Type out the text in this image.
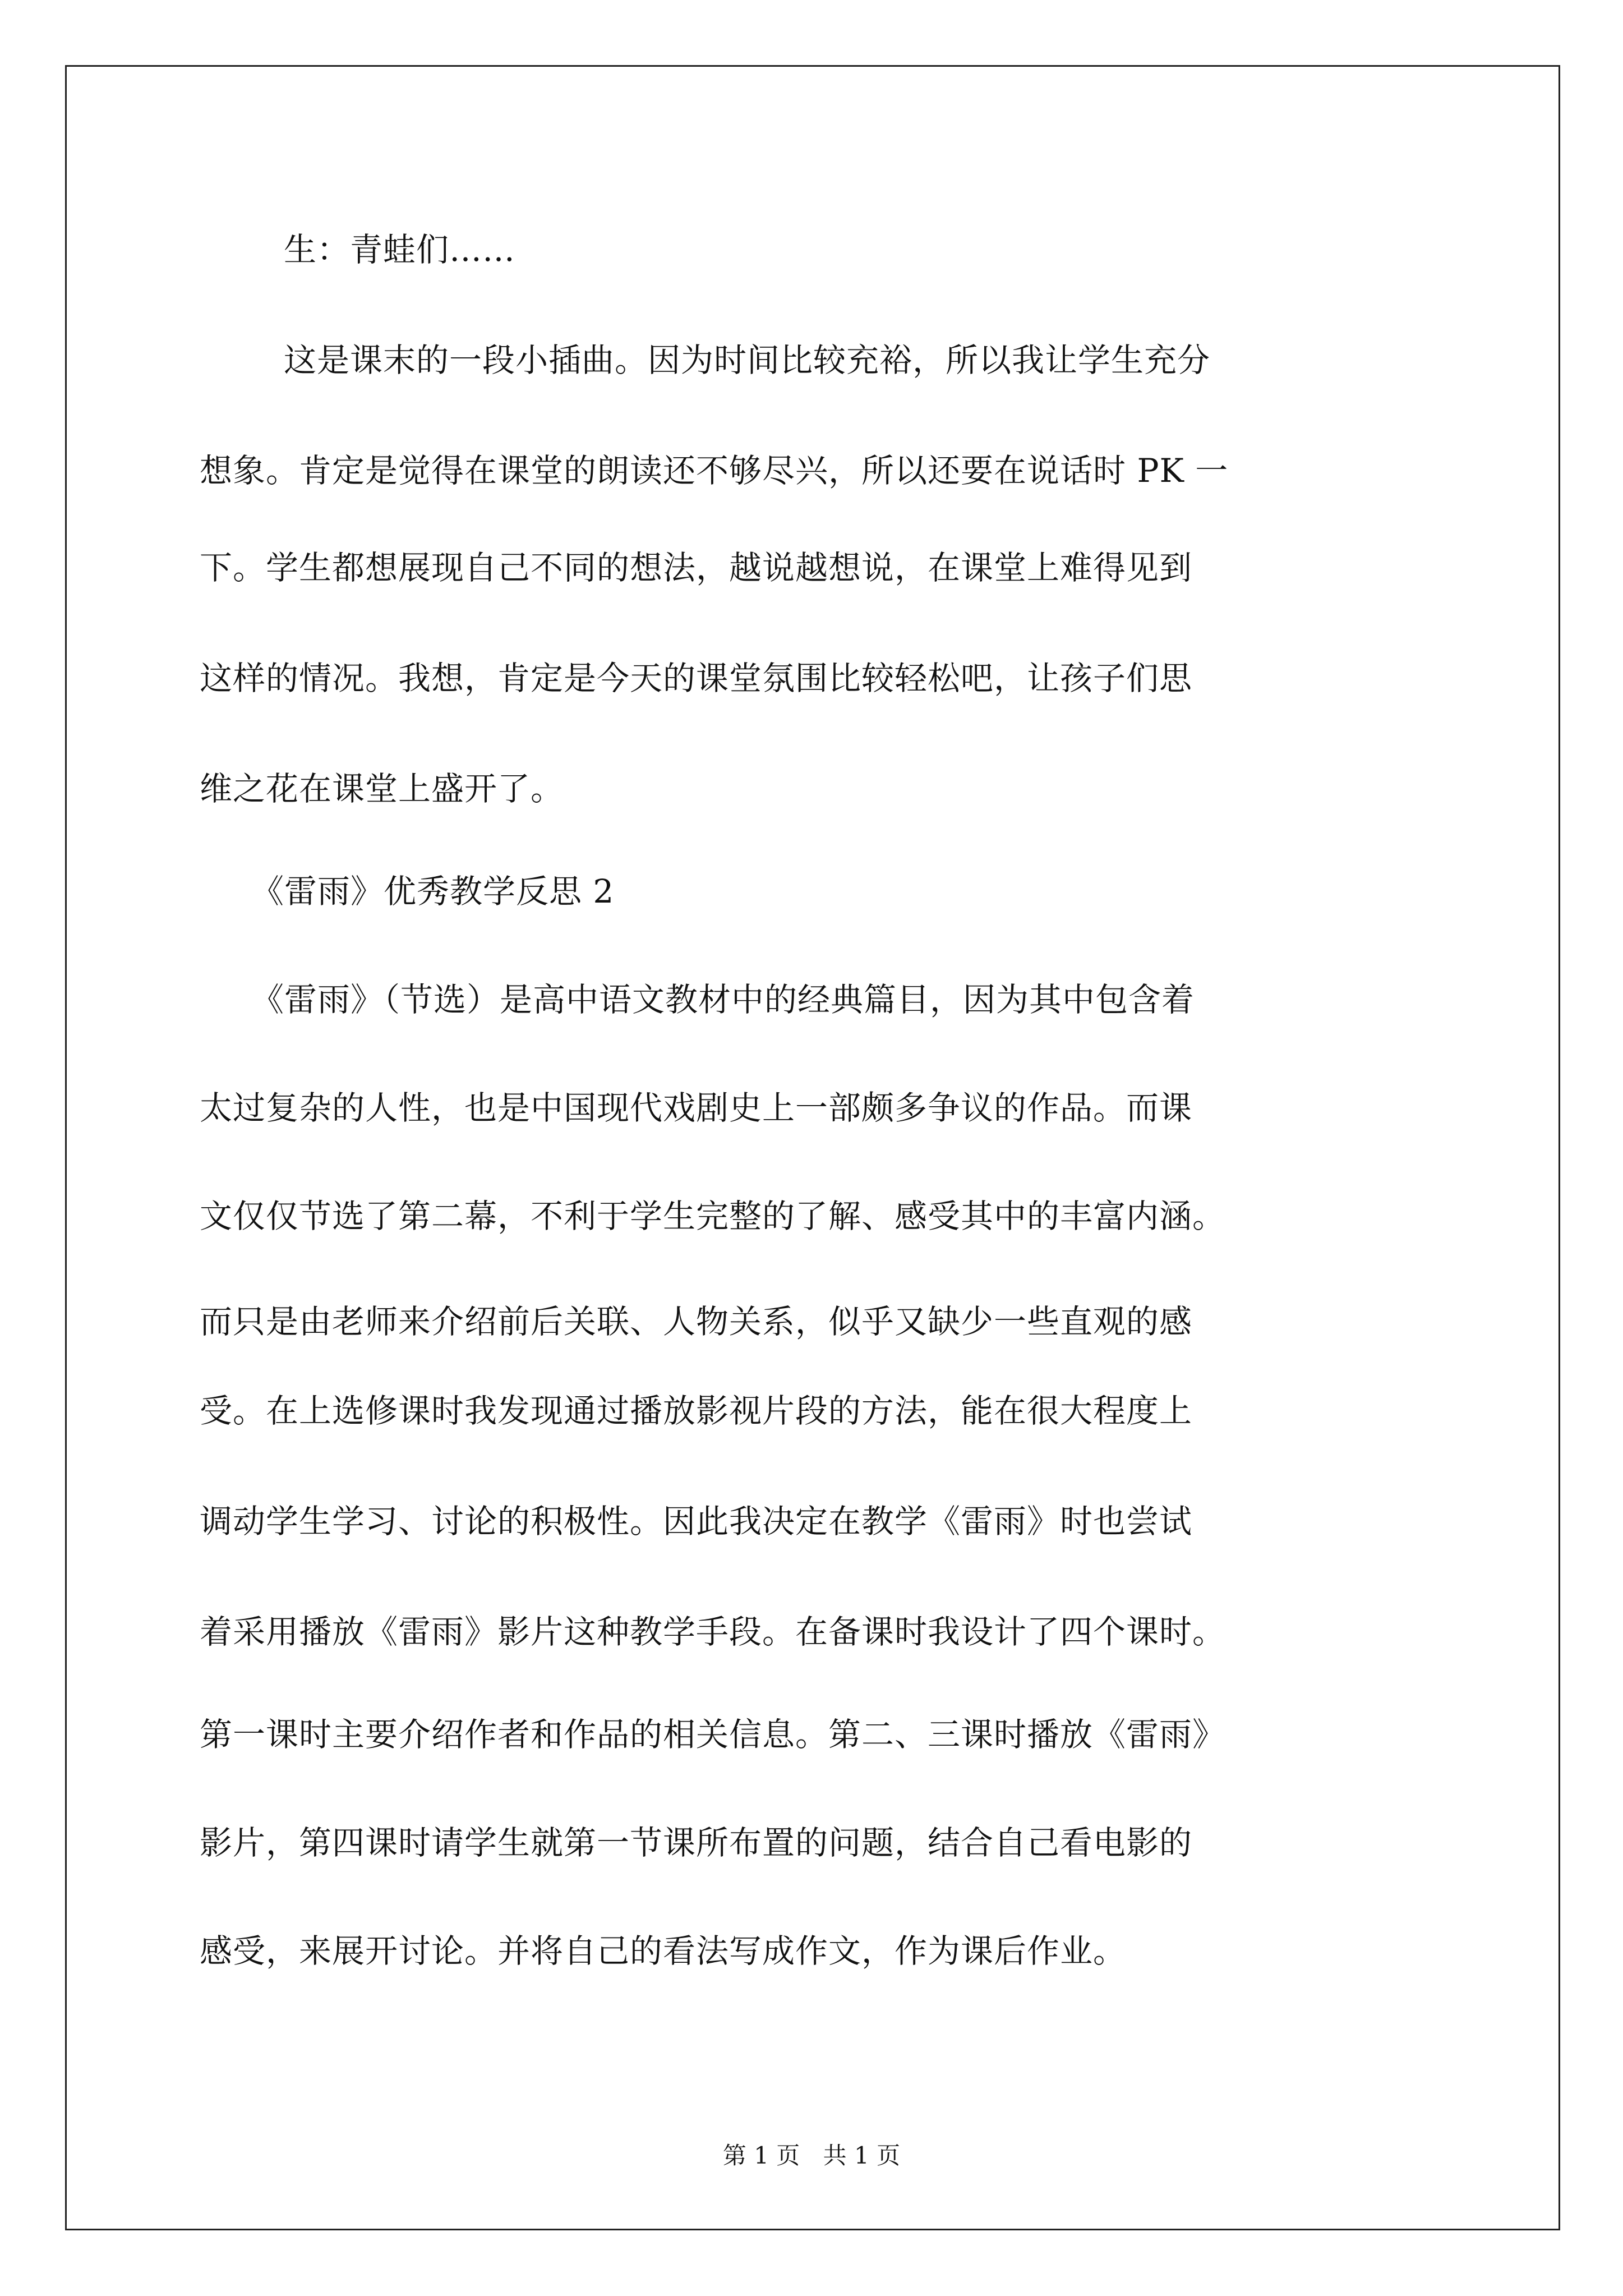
生：青蛙们……

这是课末的一段小插曲。因为时间比较充裕，所以我让学生充分

想象。肯定是觉得在课堂的朗读还不够尽兴，所以还要在说话时 PK 一

下。学生都想展现自己不同的想法，越说越想说，在课堂上难得见到

这样的情况。我想，肯定是今天的课堂氛围比较轻松吧，让孩子们思

维之花在课堂上盛开了。

《雷雨》优秀教学反思 2

《雷雨》（节选）是高中语文教材中的经典篇目，因为其中包含着

太过复杂的人性，也是中国现代戏剧史上一部颇多争议的作品。而课

文仅仅节选了第二幕，不利于学生完整的了解、感受其中的丰富内涵。

而只是由老师来介绍前后关联、人物关系，似乎又缺少一些直观的感

受。在上选修课时我发现通过播放影视片段的方法，能在很大程度上

调动学生学习、讨论的积极性。因此我决定在教学《雷雨》时也尝试

着采用播放《雷雨》影片这种教学手段。在备课时我设计了四个课时。

第一课时主要介绍作者和作品的相关信息。第二、三课时播放《雷雨》

影片，第四课时请学生就第一节课所布置的问题，结合自己看电影的

感受，来展开讨论。并将自己的看法写成作文，作为课后作业。

第 1 页 共 1 页
